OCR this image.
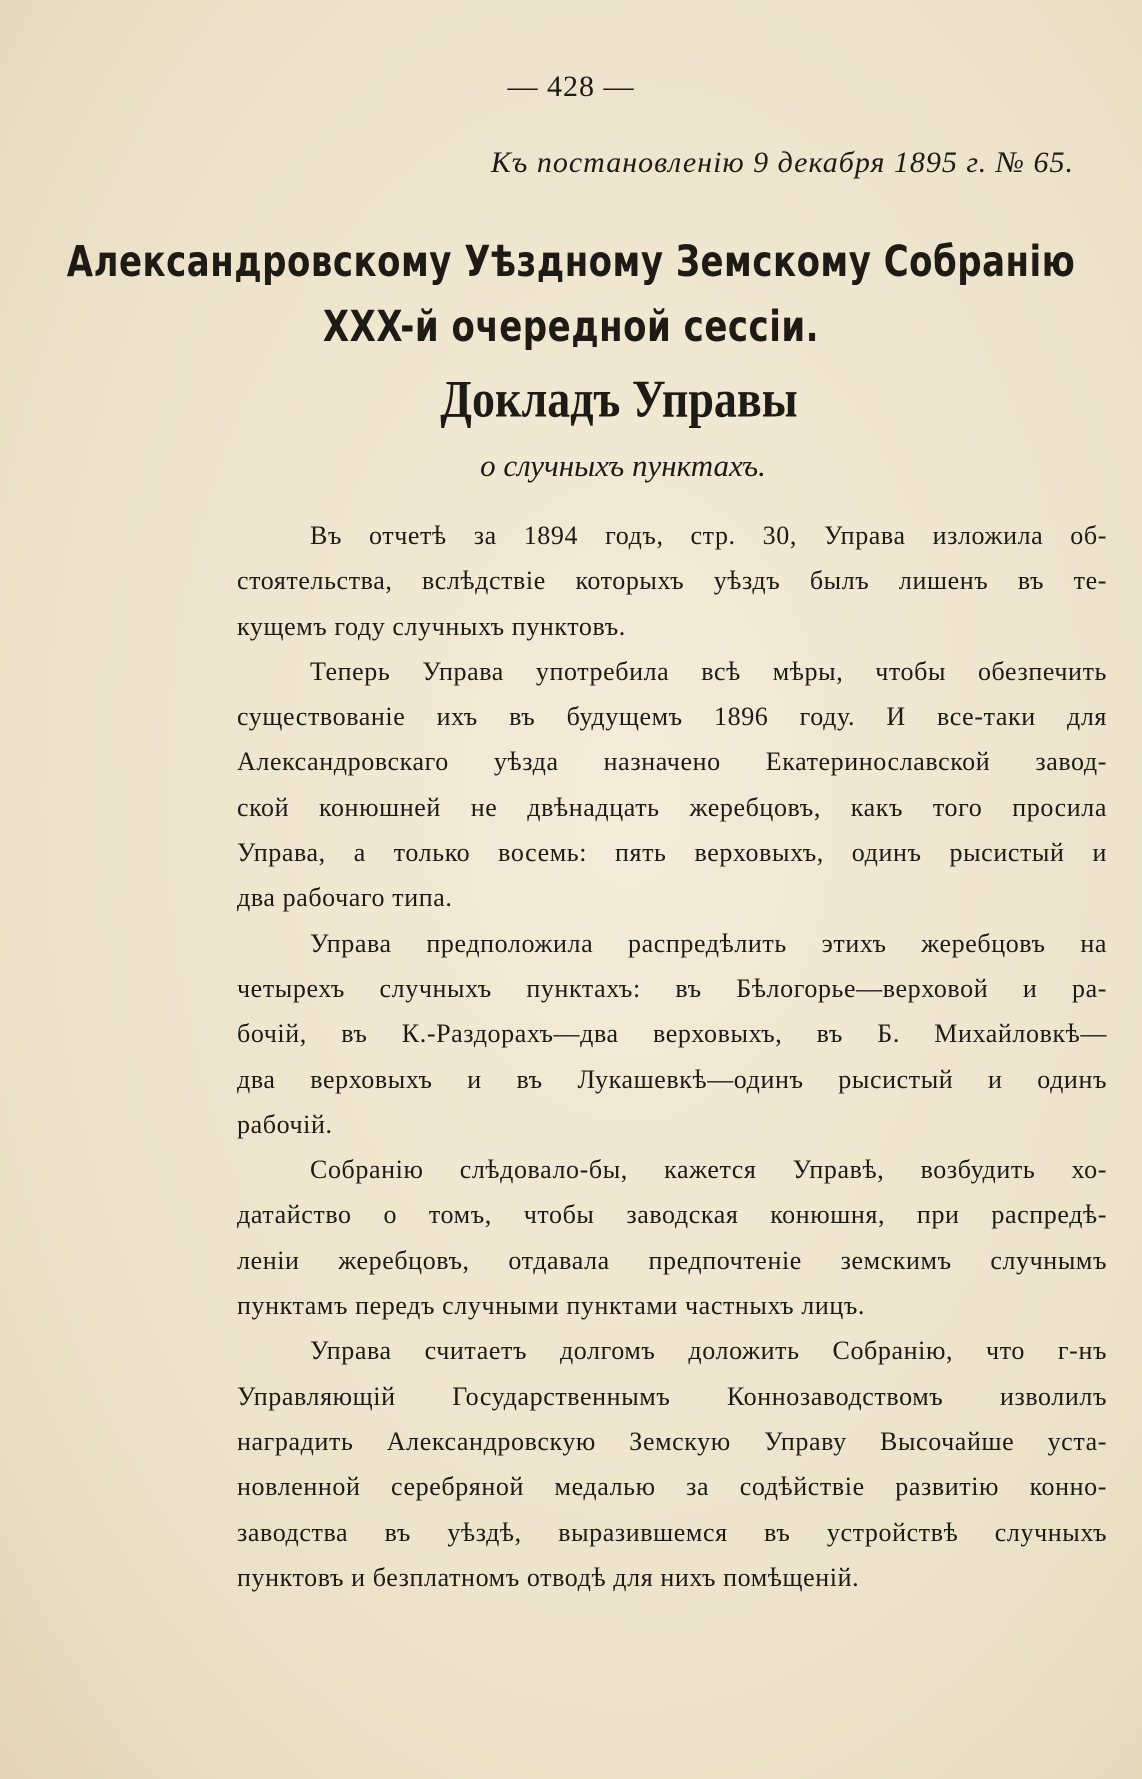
— 428 —
Къ постановленію 9 декабря 1895 г. № 65.
Александровскому Уѣздному Земскому Собранію
XXX-й очередной сессіи.
Докладъ Управы
о случныхъ пунктахъ.
Въ отчетѣ за 1894 годъ, стр. 30, Управа изложила об-
стоятельства, вслѣдствіе которыхъ уѣздъ былъ лишенъ въ те-
кущемъ году случныхъ пунктовъ.
Теперь Управа употребила всѣ мѣры, чтобы обезпечить
существованіе ихъ въ будущемъ 1896 году. И все-таки для
Александровскаго уѣзда назначено Екатеринославской завод-
ской конюшней не двѣнадцать жеребцовъ, какъ того просила
Управа, а только восемь: пять верховыхъ, одинъ рысистый и
два рабочаго типа.
Управа предположила распредѣлить этихъ жеребцовъ на
четырехъ случныхъ пунктахъ: въ Бѣлогорье—верховой и ра-
бочій, въ К.-Раздорахъ—два верховыхъ, въ Б. Михайловкѣ—
два верховыхъ и въ Лукашевкѣ—одинъ рысистый и одинъ
рабочій.
Собранію слѣдовало-бы, кажется Управѣ, возбудить хо-
датайство о томъ, чтобы заводская конюшня, при распредѣ-
леніи жеребцовъ, отдавала предпочтеніе земскимъ случнымъ
пунктамъ передъ случными пунктами частныхъ лицъ.
Управа считаетъ долгомъ доложить Собранію, что г-нъ
Управляющій Государственнымъ Коннозаводствомъ изволилъ
наградить Александровскую Земскую Управу Высочайше уста-
новленной серебряной медалью за содѣйствіе развитію конно-
заводства въ уѣздѣ, выразившемся въ устройствѣ случныхъ
пунктовъ и безплатномъ отводѣ для нихъ помѣщеній.
